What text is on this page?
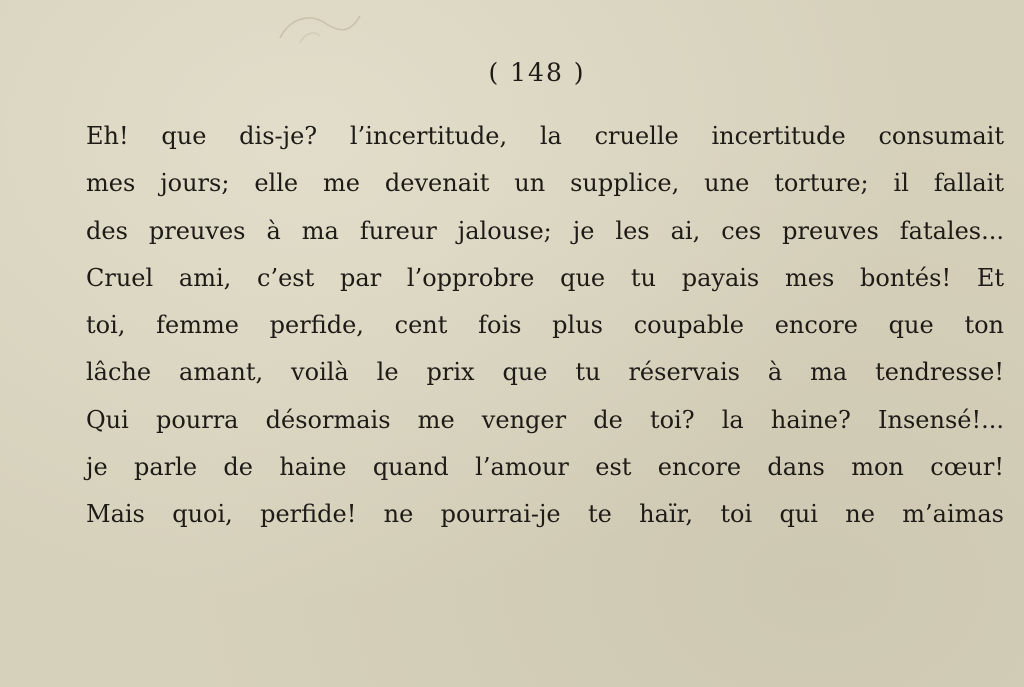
( 148 )
Eh! que dis-je? l’incertitude, la cruelle incertitude consumait
mes jours; elle me devenait un supplice, une torture; il fallait
des preuves à ma fureur jalouse; je les ai, ces preuves fatales...
Cruel ami, c’est par l’opprobre que tu payais mes bontés! Et
toi, femme perfide, cent fois plus coupable encore que ton
lâche amant, voilà le prix que tu réservais à ma tendresse!
Qui pourra désormais me venger de toi? la haine? Insensé!...
je parle de haine quand l’amour est encore dans mon cœur!
Mais quoi, perfide! ne pourrai-je te haïr, toi qui ne m’aimas
